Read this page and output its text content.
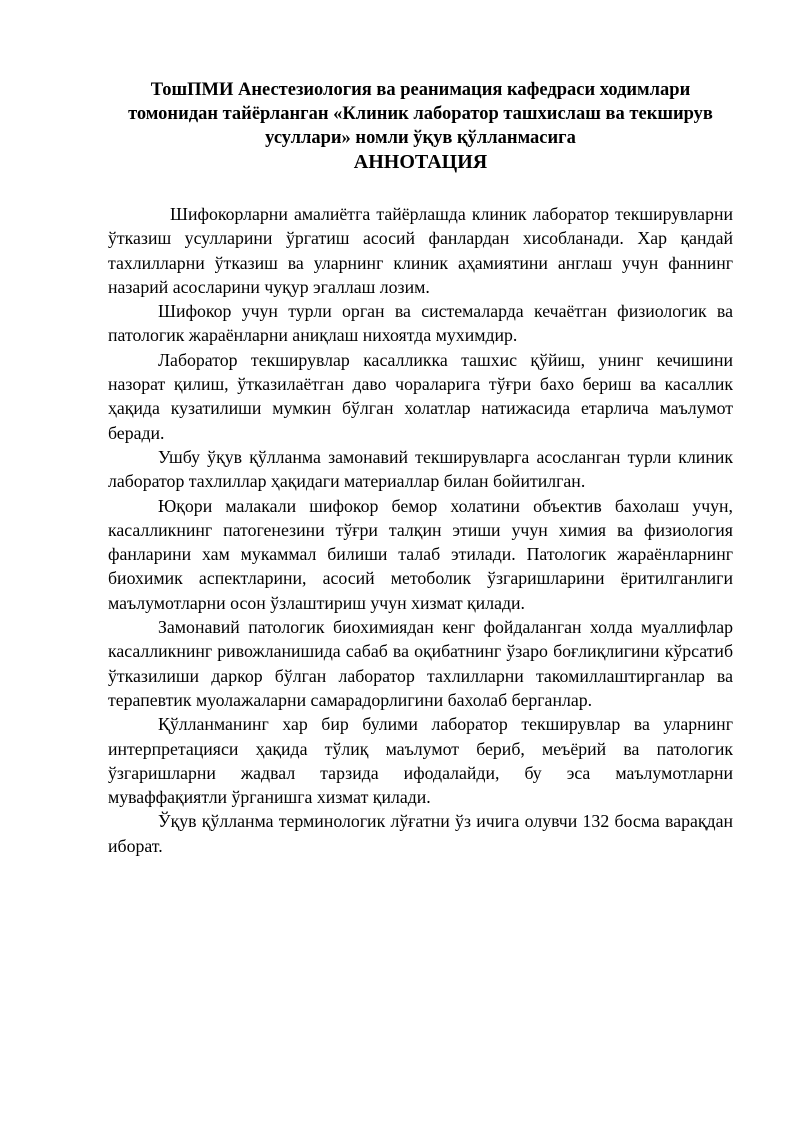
ТошПМИ Анестезиология ва реанимация кафедраси ходимлари томонидан тайёрланган «Клиник лаборатор ташхислаш ва текширув усуллари» номли ўқув қўлланмасига

АННОТАЦИЯ

Шифокорларни амалиётга тайёрлашда клиник лаборатор текширувларни ўтказиш усулларини ўргатиш асосий фанлардан хисобланади. Хар қандай тахлилларни ўтказиш ва уларнинг клиник аҳамиятини англаш учун фаннинг назарий асосларини чуқур эгаллаш лозим.

Шифокор учун турли орган ва системаларда кечаётган физиологик ва патологик жараёнларни аниқлаш нихоятда мухимдир.

Лаборатор текширувлар касалликка ташхис қўйиш, унинг кечишини назорат қилиш, ўтказилаётган даво чораларига тўғри бахо бериш ва касаллик ҳақида кузатилиши мумкин бўлган холатлар натижасида етарлича маълумот беради.

Ушбу ўқув қўлланма замонавий текширувларга асосланган турли клиник лаборатор тахлиллар ҳақидаги материаллар билан бойитилган.

Юқори малакали шифокор бемор холатини объектив бахолаш учун, касалликнинг патогенезини тўғри талқин этиши учун химия ва физиология фанларини хам мукаммал билиши талаб этилади. Патологик жараёнларнинг биохимик аспектларини, асосий метоболик ўзгаришларини ёритилганлиги маълумотларни осон ўзлаштириш учун хизмат қилади.

Замонавий патологик биохимиядан кенг фойдаланган холда муаллифлар касалликнинг ривожланишида сабаб ва оқибатнинг ўзаро боғлиқлигини кўрсатиб ўтказилиши даркор бўлган лаборатор тахлилларни такомиллаштирганлар ва терапевтик муолажаларни самарадорлигини бахолаб берганлар.

Қўлланманинг хар бир булими лаборатор текширувлар ва уларнинг интерпретацияси ҳақида тўлиқ маълумот бериб, меъёрий ва патологик ўзгаришларни жадвал тарзида ифодалайди, бу эса маълумотларни муваффақиятли ўрганишга хизмат қилади.

Ўқув қўлланма терминологик лўғатни ўз ичига олувчи 132 босма варақдан иборат.
